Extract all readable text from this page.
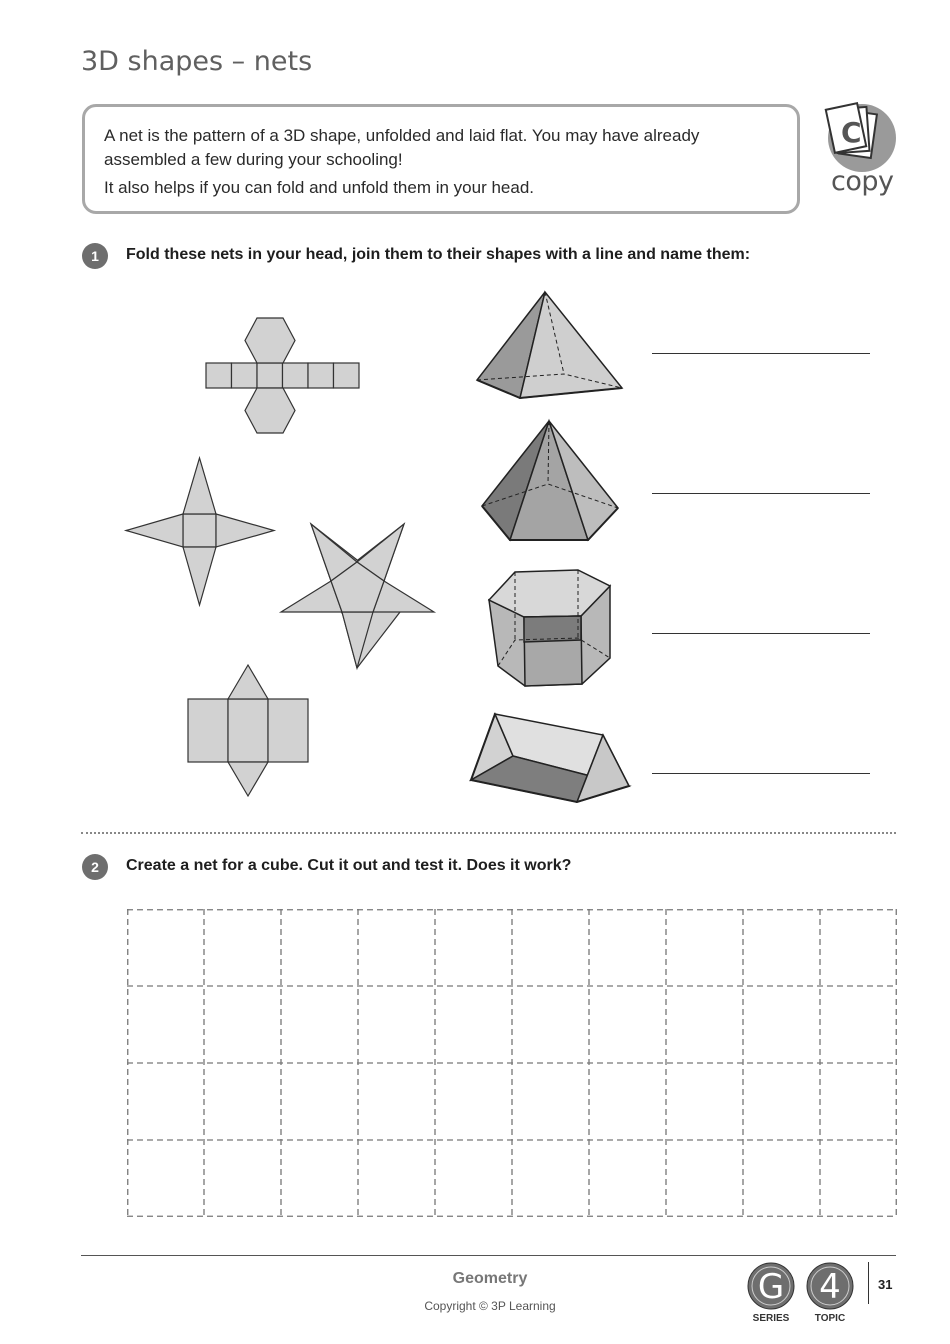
3D shapes – nets

A net is the pattern of a 3D shape, unfolded and laid flat. You may have already assembled a few during your schooling!

It also helps if you can fold and unfold them in your head.

C
copy
1	Fold these nets in your head, join them to their shapes with a line and name them:
2	Create a net for a cube. Cut it out and test it. Does it work?
Geometry
Copyright © 3P Learning	G
SERIES
4
TOPIC
31
